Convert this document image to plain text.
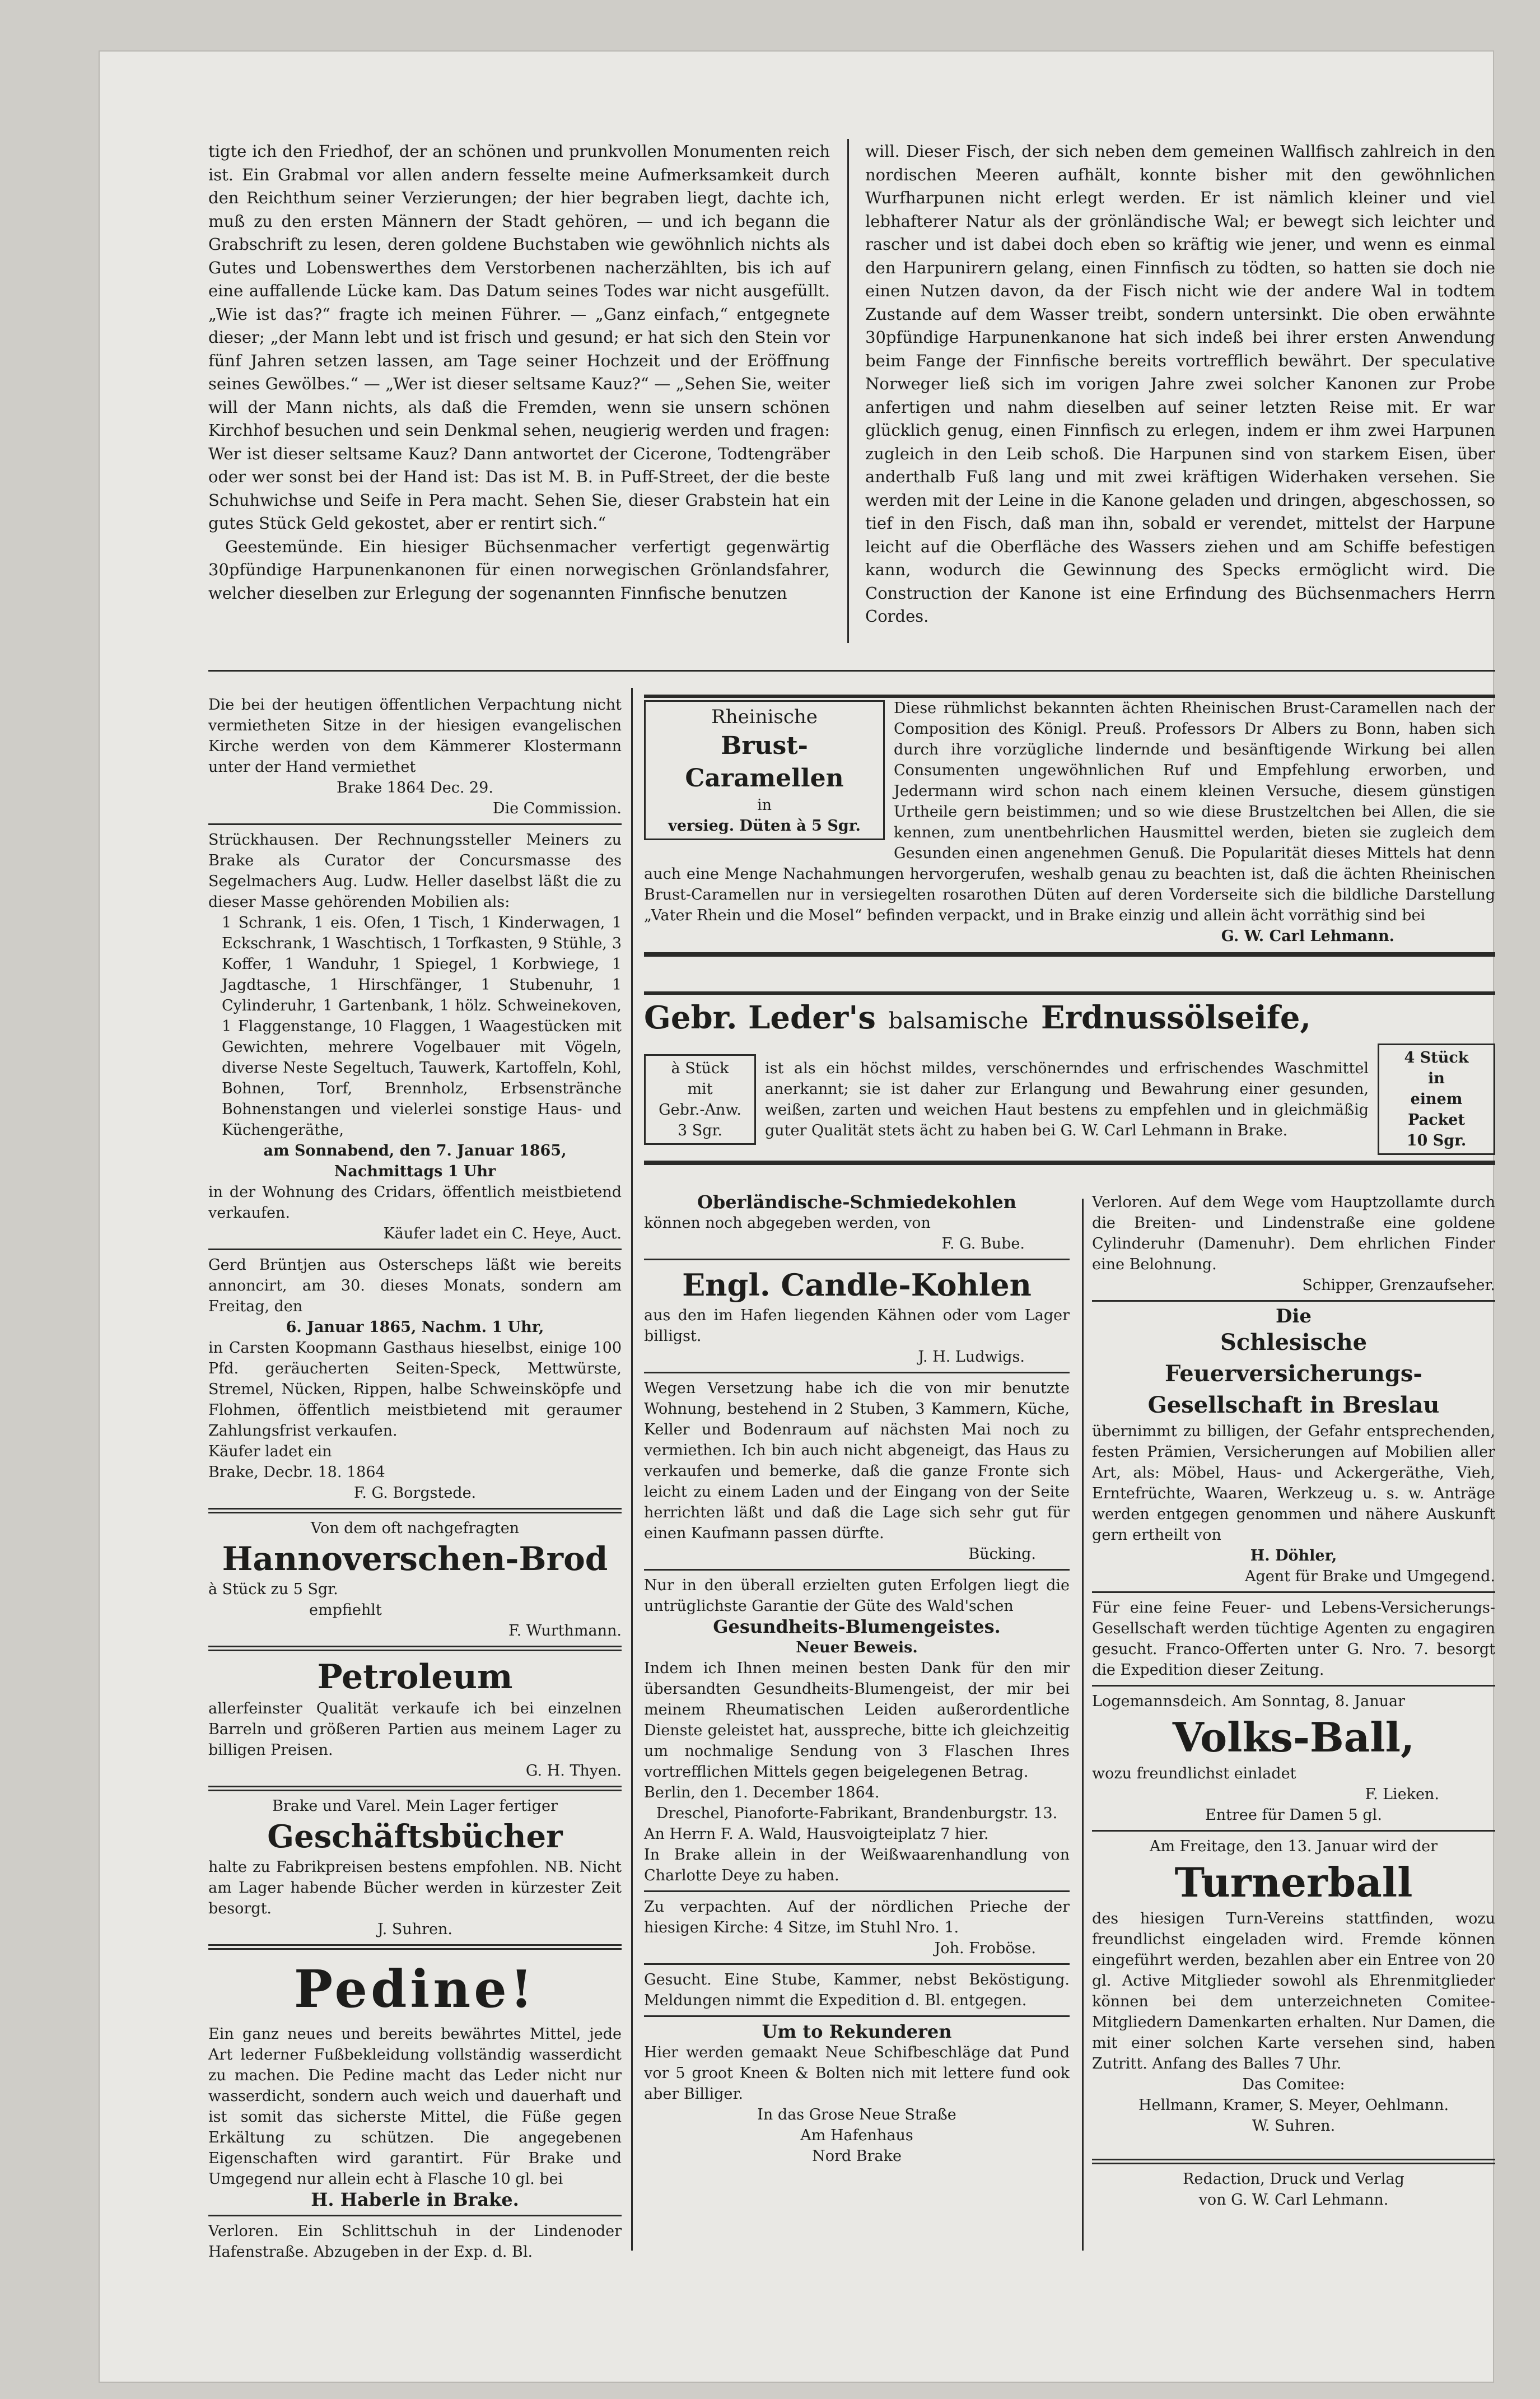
tigte ich den Friedhof, der an schönen und prunkvollen Monumenten reich ist. Ein Grabmal vor allen andern fesselte meine Aufmerksamkeit durch den Reichthum seiner Verzierungen; der hier begraben liegt, dachte ich, muß zu den ersten Männern der Stadt gehören, — und ich begann die Grabschrift zu lesen, deren goldene Buchstaben wie gewöhnlich nichts als Gutes und Lobenswerthes dem Verstorbenen nacherzählten, bis ich auf eine auffallende Lücke kam. Das Datum seines Todes war nicht ausgefüllt. „Wie ist das?“ fragte ich meinen Führer. — „Ganz einfach,“ entgegnete dieser; „der Mann lebt und ist frisch und gesund; er hat sich den Stein vor fünf Jahren setzen lassen, am Tage seiner Hochzeit und der Eröffnung seines Gewölbes.“ — „Wer ist dieser seltsame Kauz?“ — „Sehen Sie, weiter will der Mann nichts, als daß die Fremden, wenn sie unsern schönen Kirchhof besuchen und sein Denkmal sehen, neugierig werden und fragen: Wer ist dieser seltsame Kauz? Dann antwortet der Cicerone, Todtengräber oder wer sonst bei der Hand ist: Das ist M. B. in Puff-Street, der die beste Schuhwichse und Seife in Pera macht. Sehen Sie, dieser Grabstein hat ein gutes Stück Geld gekostet, aber er rentirt sich.“

Geestemünde. Ein hiesiger Büchsenmacher verfertigt gegenwärtig 30pfündige Harpunenkanonen für einen norwegischen Grönlandsfahrer, welcher dieselben zur Erlegung der sogenannten Finnfische benutzen

will. Dieser Fisch, der sich neben dem gemeinen Wallfisch zahlreich in den nordischen Meeren aufhält, konnte bisher mit den gewöhnlichen Wurfharpunen nicht erlegt werden. Er ist nämlich kleiner und viel lebhafterer Natur als der grönländische Wal; er bewegt sich leichter und rascher und ist dabei doch eben so kräftig wie jener, und wenn es einmal den Harpunirern gelang, einen Finnfisch zu tödten, so hatten sie doch nie einen Nutzen davon, da der Fisch nicht wie der andere Wal in todtem Zustande auf dem Wasser treibt, sondern untersinkt. Die oben erwähnte 30pfündige Harpunenkanone hat sich indeß bei ihrer ersten Anwendung beim Fange der Finnfische bereits vortrefflich bewährt. Der speculative Norweger ließ sich im vorigen Jahre zwei solcher Kanonen zur Probe anfertigen und nahm dieselben auf seiner letzten Reise mit. Er war glücklich genug, einen Finnfisch zu erlegen, indem er ihm zwei Harpunen zugleich in den Leib schoß. Die Harpunen sind von starkem Eisen, über anderthalb Fuß lang und mit zwei kräftigen Widerhaken versehen. Sie werden mit der Leine in die Kanone geladen und dringen, abgeschossen, so tief in den Fisch, daß man ihn, sobald er verendet, mittelst der Harpune leicht auf die Oberfläche des Wassers ziehen und am Schiffe befestigen kann, wodurch die Gewinnung des Specks ermöglicht wird. Die Construction der Kanone ist eine Erfindung des Büchsenmachers Herrn Cordes.

Die bei der heutigen öffentlichen Verpachtung nicht vermietheten Sitze in der hiesigen evangelischen Kirche werden von dem Kämmerer Klostermann unter der Hand vermiethet

Brake 1864 Dec. 29.

Die Commission.

Strückhausen. Der Rechnungssteller Meiners zu Brake als Curator der Concursmasse des Segelmachers Aug. Ludw. Heller daselbst läßt die zu dieser Masse gehörenden Mobilien als:

1 Schrank, 1 eis. Ofen, 1 Tisch, 1 Kinderwagen, 1 Eckschrank, 1 Waschtisch, 1 Torfkasten, 9 Stühle, 3 Koffer, 1 Wanduhr, 1 Spiegel, 1 Korbwiege, 1 Jagdtasche, 1 Hirschfänger, 1 Stubenuhr, 1 Cylinderuhr, 1 Gartenbank, 1 hölz. Schweinekoven, 1 Flaggenstange, 10 Flaggen, 1 Waagestücken mit Gewichten, mehrere Vogelbauer mit Vögeln, diverse Neste Segeltuch, Tauwerk, Kartoffeln, Kohl, Bohnen, Torf, Brennholz, Erbsenstränche Bohnenstangen und vielerlei sonstige Haus- und Küchengeräthe,

am Sonnabend, den 7. Januar 1865, Nachmittags 1 Uhr

in der Wohnung des Cridars, öffentlich meistbietend verkaufen.

Käufer ladet ein C. Heye, Auct.

Gerd Brüntjen aus Osterscheps läßt wie bereits annoncirt, am 30. dieses Monats, sondern am Freitag, den

6. Januar 1865, Nachm. 1 Uhr,

in Carsten Koopmann Gasthaus hieselbst, einige 100 Pfd. geräucherten Seiten-Speck, Mettwürste, Stremel, Nücken, Rippen, halbe Schweinsköpfe und Flohmen, öffentlich meistbietend mit geraumer Zahlungsfrist verkaufen.

Käufer ladet ein

Brake, Decbr. 18. 1864

F. G. Borgstede.

Von dem oft nachgefragten

Hannoverschen-Brod

à Stück zu 5 Sgr.

empfiehlt

F. Wurthmann.

Petroleum

allerfeinster Qualität verkaufe ich bei einzelnen Barreln und größeren Partien aus meinem Lager zu billigen Preisen.

G. H. Thyen.

Brake und Varel. Mein Lager fertiger

Geschäftsbücher

halte zu Fabrikpreisen bestens empfohlen. NB. Nicht am Lager habende Bücher werden in kürzester Zeit besorgt.

J. Suhren.

Pedine!

Ein ganz neues und bereits bewährtes Mittel, jede Art lederner Fußbekleidung vollständig wasserdicht zu machen. Die Pedine macht das Leder nicht nur wasserdicht, sondern auch weich und dauerhaft und ist somit das sicherste Mittel, die Füße gegen Erkältung zu schützen. Die angegebenen Eigenschaften wird garantirt. Für Brake und Umgegend nur allein echt à Flasche 10 gl. bei

H. Haberle in Brake.

Verloren. Ein Schlittschuh in der Lindenoder Hafenstraße. Abzugeben in der Exp. d. Bl.

Rheinische

Brust-Caramellen

in

versieg. Düten à 5 Sgr.

Diese rühmlichst bekannten ächten Rheinischen Brust-Caramellen nach der Composition des Königl. Preuß. Professors Dr Albers zu Bonn, haben sich durch ihre vorzügliche lindernde und besänftigende Wirkung bei allen Consumenten ungewöhnlichen Ruf und Empfehlung erworben, und Jedermann wird schon nach einem kleinen Versuche, diesem günstigen Urtheile gern beistimmen; und so wie diese Brustzeltchen bei Allen, die sie kennen, zum unentbehrlichen Hausmittel werden, bieten sie zugleich dem Gesunden einen angenehmen Genuß. Die Popularität dieses Mittels hat denn auch eine Menge Nachahmungen hervorgerufen, weshalb genau zu beachten ist, daß die ächten Rheinischen Brust-Caramellen nur in versiegelten rosarothen Düten auf deren Vorderseite sich die bildliche Darstellung „Vater Rhein und die Mosel“ befinden verpackt, und in Brake einzig und allein ächt vorräthig sind bei

G. W. Carl Lehmann.

Gebr. Leder's balsamische Erdnussölseife,

à Stück

mit

Gebr.-Anw.

3 Sgr.

ist als ein höchst mildes, verschönerndes und erfrischendes Waschmittel anerkannt; sie ist daher zur Erlangung und Bewahrung einer gesunden, weißen, zarten und weichen Haut bestens zu empfehlen und in gleichmäßig guter Qualität stets ächt zu haben bei G. W. Carl Lehmann in Brake.

4 Stück

in

einem Packet

10 Sgr.

Oberländische-Schmiedekohlen

können noch abgegeben werden, von

F. G. Bube.

Engl. Candle-Kohlen

aus den im Hafen liegenden Kähnen oder vom Lager billigst.

J. H. Ludwigs.

Wegen Versetzung habe ich die von mir benutzte Wohnung, bestehend in 2 Stuben, 3 Kammern, Küche, Keller und Bodenraum auf nächsten Mai noch zu vermiethen. Ich bin auch nicht abgeneigt, das Haus zu verkaufen und bemerke, daß die ganze Fronte sich leicht zu einem Laden und der Eingang von der Seite herrichten läßt und daß die Lage sich sehr gut für einen Kaufmann passen dürfte.

Bücking.

Nur in den überall erzielten guten Erfolgen liegt die untrüglichste Garantie der Güte des Wald'schen

Gesundheits-Blumengeistes.

Neuer Beweis.

Indem ich Ihnen meinen besten Dank für den mir übersandten Gesundheits-Blumengeist, der mir bei meinem Rheumatischen Leiden außerordentliche Dienste geleistet hat, ausspreche, bitte ich gleichzeitig um nochmalige Sendung von 3 Flaschen Ihres vortrefflichen Mittels gegen beigelegenen Betrag.

Berlin, den 1. December 1864.

Dreschel, Pianoforte-Fabrikant, Brandenburgstr. 13.

An Herrn F. A. Wald, Hausvoigteiplatz 7 hier.

In Brake allein in der Weißwaarenhandlung von Charlotte Deye zu haben.

Zu verpachten. Auf der nördlichen Prieche der hiesigen Kirche: 4 Sitze, im Stuhl Nro. 1.

Joh. Froböse.

Gesucht. Eine Stube, Kammer, nebst Beköstigung. Meldungen nimmt die Expedition d. Bl. entgegen.

Um to Rekunderen

Hier werden gemaakt Neue Schifbeschläge dat Pund vor 5 groot Kneen & Bolten nich mit lettere fund ook aber Billiger.

In das Grose Neue Straße

Am Hafenhaus

Nord Brake

Verloren. Auf dem Wege vom Hauptzollamte durch die Breiten- und Lindenstraße eine goldene Cylinderuhr (Damenuhr). Dem ehrlichen Finder eine Belohnung.

Schipper, Grenzaufseher.

Die

Schlesische Feuerversicherungs-

Gesellschaft in Breslau

übernimmt zu billigen, der Gefahr entsprechenden, festen Prämien, Versicherungen auf Mobilien aller Art, als: Möbel, Haus- und Ackergeräthe, Vieh, Erntefrüchte, Waaren, Werkzeug u. s. w. Anträge werden entgegen genommen und nähere Auskunft gern ertheilt von

H. Döhler,

Agent für Brake und Umgegend.

Für eine feine Feuer- und Lebens-Versicherungs-Gesellschaft werden tüchtige Agenten zu engagiren gesucht. Franco-Offerten unter G. Nro. 7. besorgt die Expedition dieser Zeitung.

Logemannsdeich. Am Sonntag, 8. Januar

Volks-Ball,

wozu freundlichst einladet

F. Lieken.

Entree für Damen 5 gl.

Am Freitage, den 13. Januar wird der

Turnerball

des hiesigen Turn-Vereins stattfinden, wozu freundlichst eingeladen wird. Fremde können eingeführt werden, bezahlen aber ein Entree von 20 gl. Active Mitglieder sowohl als Ehrenmitglieder können bei dem unterzeichneten Comitee-Mitgliedern Damenkarten erhalten. Nur Damen, die mit einer solchen Karte versehen sind, haben Zutritt. Anfang des Balles 7 Uhr.

Das Comitee:

Hellmann, Kramer, S. Meyer, Oehlmann.

W. Suhren.

Redaction, Druck und Verlag

von G. W. Carl Lehmann.
